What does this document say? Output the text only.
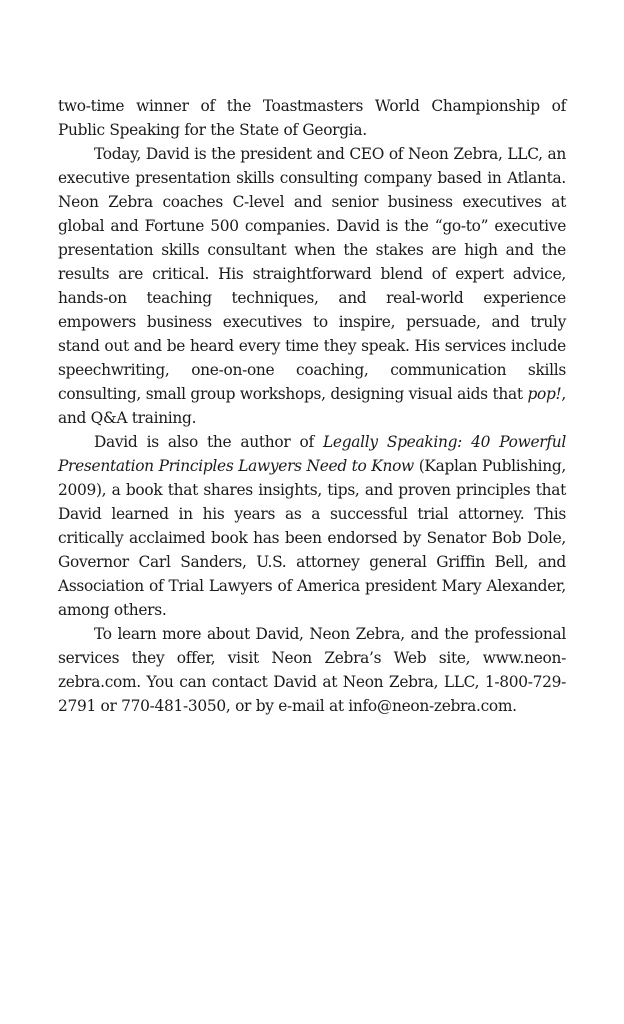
two-time winner of the Toastmasters World Championship of Public Speaking for the State of Georgia.

Today, David is the president and CEO of Neon Zebra, LLC, an executive presentation skills consulting company based in Atlanta. Neon Zebra coaches C-level and senior business executives at global and Fortune 500 companies. David is the “go-to” executive presentation skills consultant when the stakes are high and the results are critical. His straightforward blend of expert advice, hands-on teaching techniques, and real-world experience empowers business executives to inspire, persuade, and truly stand out and be heard every time they speak. His services include speechwriting, one-on-one coaching, communication skills consulting, small group workshops, designing visual aids that pop!, and Q&A training.

David is also the author of Legally Speaking: 40 Powerful Presentation Principles Lawyers Need to Know (Kaplan Publishing, 2009), a book that shares insights, tips, and proven principles that David learned in his years as a successful trial attorney. This critically acclaimed book has been endorsed by Senator Bob Dole, Governor Carl Sanders, U.S. attorney general Griffin Bell, and Association of Trial Lawyers of America president Mary Alexander, among others.

To learn more about David, Neon Zebra, and the professional services they offer, visit Neon Zebra’s Web site, www.neon-zebra.com. You can contact David at Neon Zebra, LLC, 1-800-729-2791 or 770-481-3050, or by e-mail at info@neon-zebra.com.
